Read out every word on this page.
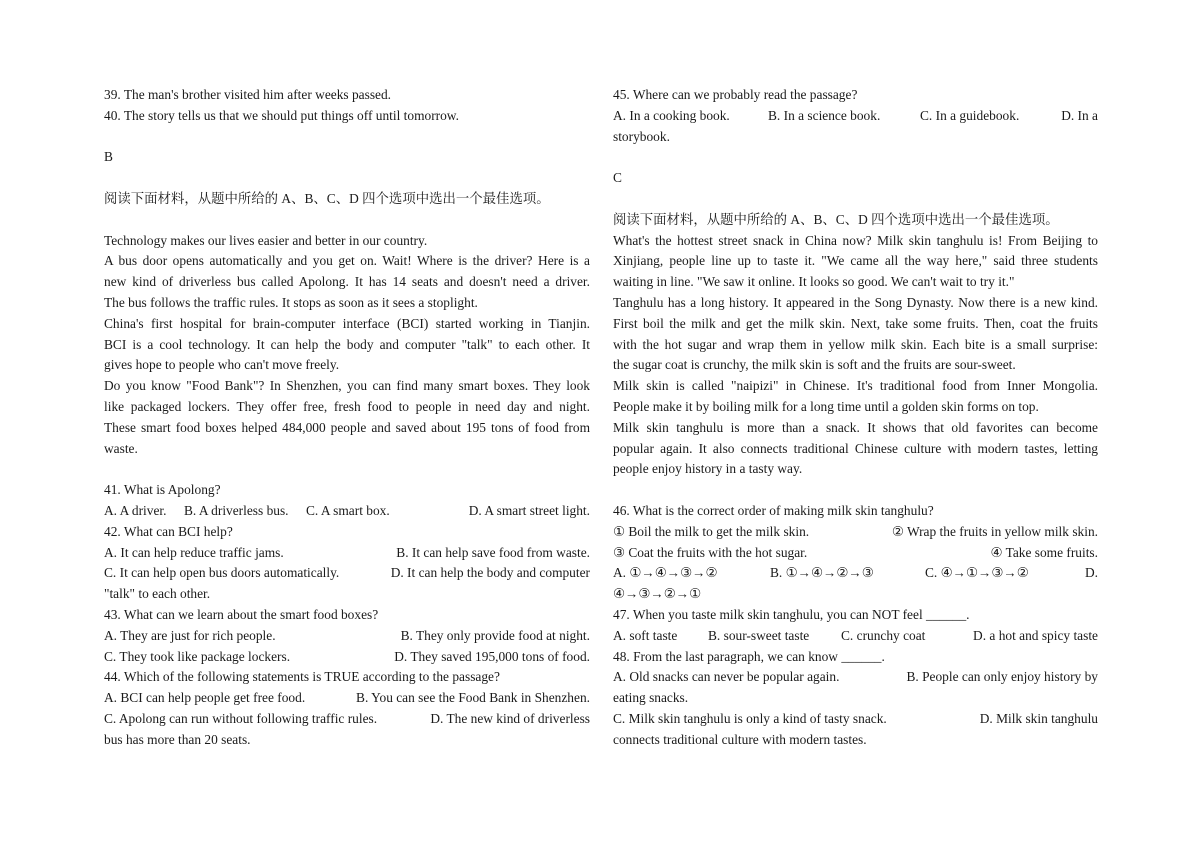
39. The man's brother visited him after weeks passed.
40. The story tells us that we should put things off until tomorrow.
B
阅读下面材料，从题中所给的 A、B、C、D 四个选项中选出一个最佳选项。
Technology makes our lives easier and better in our country.
A bus door opens automatically and you get on. Wait! Where is the driver? Here is a
new kind of driverless bus called Apolong. It has 14 seats and doesn't need a driver.
The bus follows the traffic rules. It stops as soon as it sees a stoplight.
China's first hospital for brain-computer interface (BCI) started working in Tianjin.
BCI is a cool technology. It can help the body and computer "talk" to each other. It
gives hope to people who can't move freely.
Do you know "Food Bank"? In Shenzhen, you can find many smart boxes. They look
like packaged lockers. They offer free, fresh food to people in need day and night.
These smart food boxes helped 484,000 people and saved about 195 tons of food from
waste.
41. What is Apolong?
A. A driver.	B. A driverless bus.	C. A smart box.	D. A smart street light.
42. What can BCI help?
A. It can help reduce traffic jams.	B. It can help save food from waste.
C. It can help open bus doors automatically.	D. It can help the body and computer
"talk" to each other.
43. What can we learn about the smart food boxes?
A. They are just for rich people.	B. They only provide food at night.
C. They took like package lockers.	D. They saved 195,000 tons of food.
44. Which of the following statements is TRUE according to the passage?
A. BCI can help people get free food.	B. You can see the Food Bank in Shenzhen.
C. Apolong can run without following traffic rules.	D. The new kind of driverless
bus has more than 20 seats.
45. Where can we probably read the passage?
A. In a cooking book.	B. In a science book.	C. In a guidebook.	D. In a
storybook.
C
阅读下面材料，从题中所给的 A、B、C、D 四个选项中选出一个最佳选项。
What's the hottest street snack in China now? Milk skin tanghulu is! From Beijing to
Xinjiang, people line up to taste it. "We came all the way here," said three students
waiting in line. "We saw it online. It looks so good. We can't wait to try it."
Tanghulu has a long history. It appeared in the Song Dynasty. Now there is a new kind.
First boil the milk and get the milk skin. Next, take some fruits. Then, coat the fruits
with the hot sugar and wrap them in yellow milk skin. Each bite is a small surprise:
the sugar coat is crunchy, the milk skin is soft and the fruits are sour-sweet.
Milk skin is called "naipizi" in Chinese. It's traditional food from Inner Mongolia.
People make it by boiling milk for a long time until a golden skin forms on top.
Milk skin tanghulu is more than a snack. It shows that old favorites can become
popular again. It also connects traditional Chinese culture with modern tastes, letting
people enjoy history in a tasty way.
46. What is the correct order of making milk skin tanghulu?
① Boil the milk to get the milk skin.	② Wrap the fruits in yellow milk skin.
③ Coat the fruits with the hot sugar.	④ Take some fruits.
A. ①→④→③→②	B. ①→④→②→③	C. ④→①→③→②	D.
④→③→②→①
47. When you taste milk skin tanghulu, you can NOT feel ______.
A. soft taste	B. sour-sweet taste	C. crunchy coat	D. a hot and spicy taste
48. From the last paragraph, we can know ______.
A. Old snacks can never be popular again.	B. People can only enjoy history by
eating snacks.
C. Milk skin tanghulu is only a kind of tasty snack.	D. Milk skin tanghulu
connects traditional culture with modern tastes.
